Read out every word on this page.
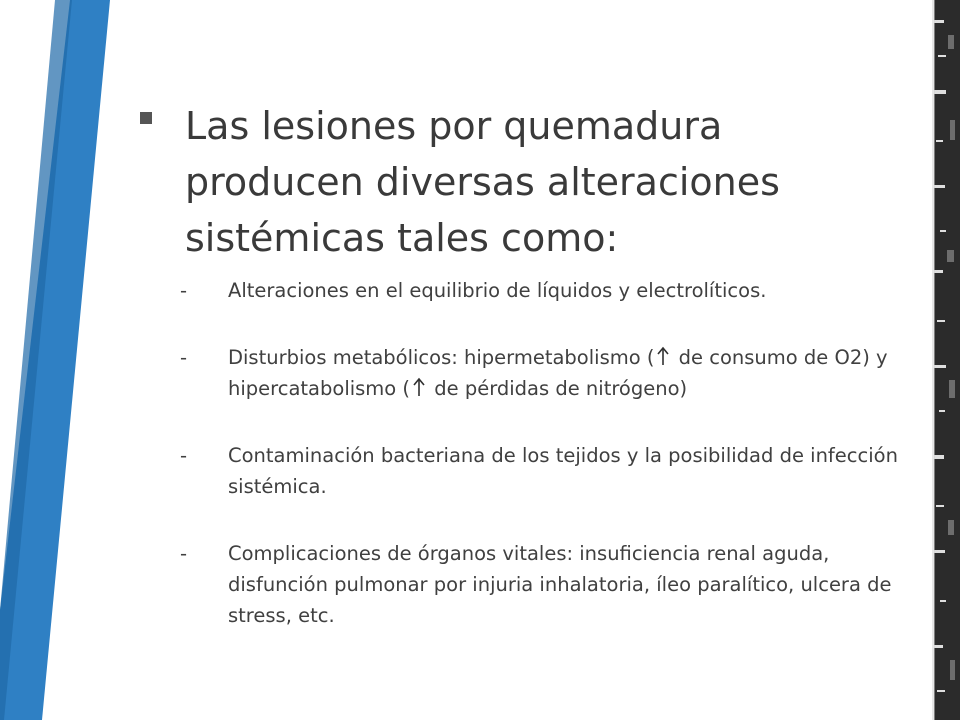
Las lesiones por quemadura producen diversas alteraciones sistémicas tales como:
- Alteraciones en el equilibrio de líquidos y electrolíticos.
- Disturbios metabólicos: hipermetabolismo ( de consumo de O2) y hipercatabolismo ( de pérdidas de nitrógeno)
- Contaminación bacteriana de los tejidos y la posibilidad de infección sistémica.
- Complicaciones de órganos vitales: insuficiencia renal aguda, disfunción pulmonar por injuria inhalatoria, íleo paralítico, ulcera de stress, etc.
